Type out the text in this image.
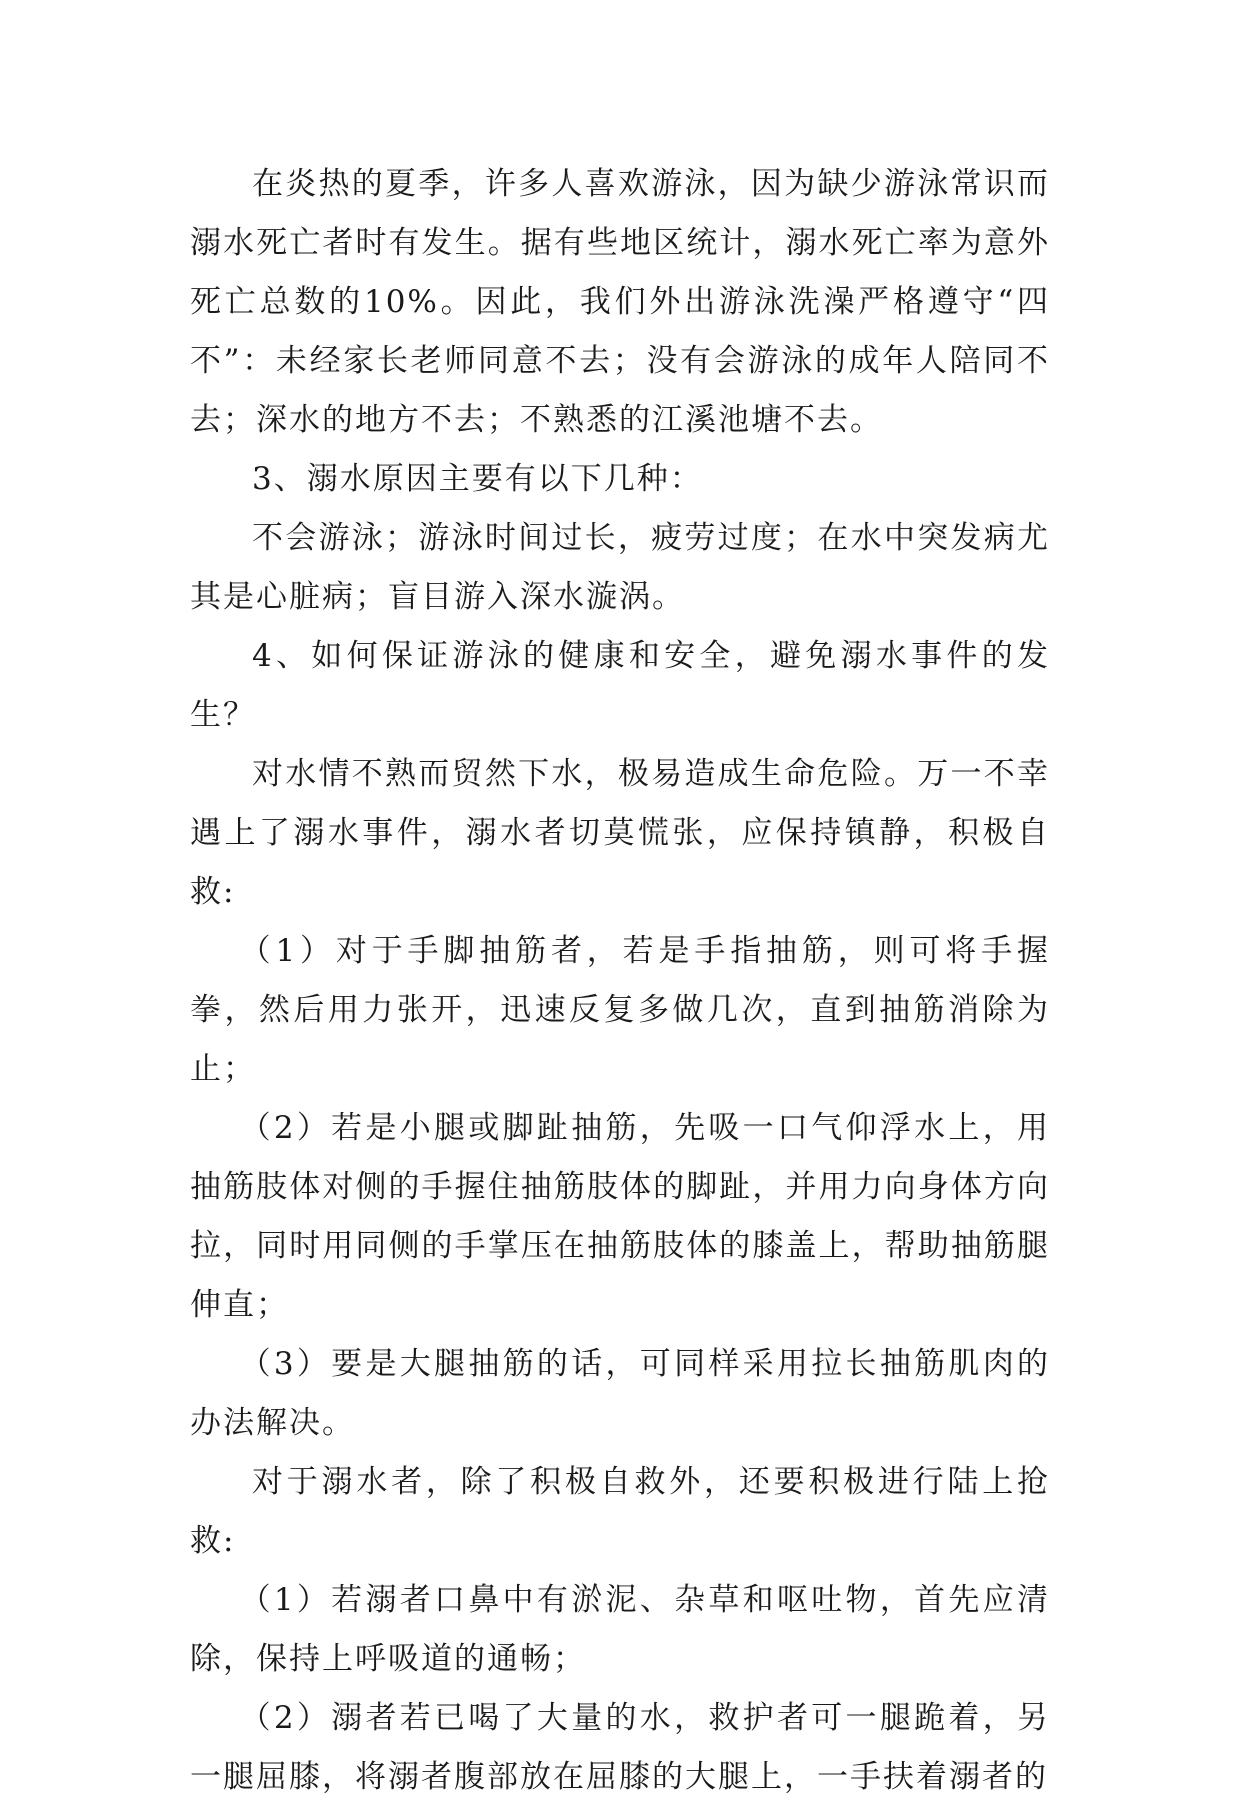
在炎热的夏季，许多人喜欢游泳，因为缺少游泳常识而溺水死亡者时有发生。据有些地区统计，溺水死亡率为意外死亡总数的10%。因此，我们外出游泳洗澡严格遵守“四不”：未经家长老师同意不去；没有会游泳的成年人陪同不去；深水的地方不去；不熟悉的江溪池塘不去。

3、溺水原因主要有以下几种：

不会游泳；游泳时间过长，疲劳过度；在水中突发病尤其是心脏病；盲目游入深水漩涡。

4、如何保证游泳的健康和安全，避免溺水事件的发生？

对水情不熟而贸然下水，极易造成生命危险。万一不幸遇上了溺水事件，溺水者切莫慌张，应保持镇静，积极自救:

（1）对于手脚抽筋者，若是手指抽筋，则可将手握拳，然后用力张开，迅速反复多做几次，直到抽筋消除为止；

（2）若是小腿或脚趾抽筋，先吸一口气仰浮水上，用抽筋肢体对侧的手握住抽筋肢体的脚趾，并用力向身体方向拉，同时用同侧的手掌压在抽筋肢体的膝盖上，帮助抽筋腿伸直；

（3）要是大腿抽筋的话，可同样采用拉长抽筋肌肉的办法解决。

对于溺水者，除了积极自救外，还要积极进行陆上抢救:

（1）若溺者口鼻中有淤泥、杂草和呕吐物，首先应清除，保持上呼吸道的通畅；

（2）溺者若已喝了大量的水，救护者可一腿跪着，另一腿屈膝，将溺者腹部放在屈膝的大腿上，一手扶着溺者的
